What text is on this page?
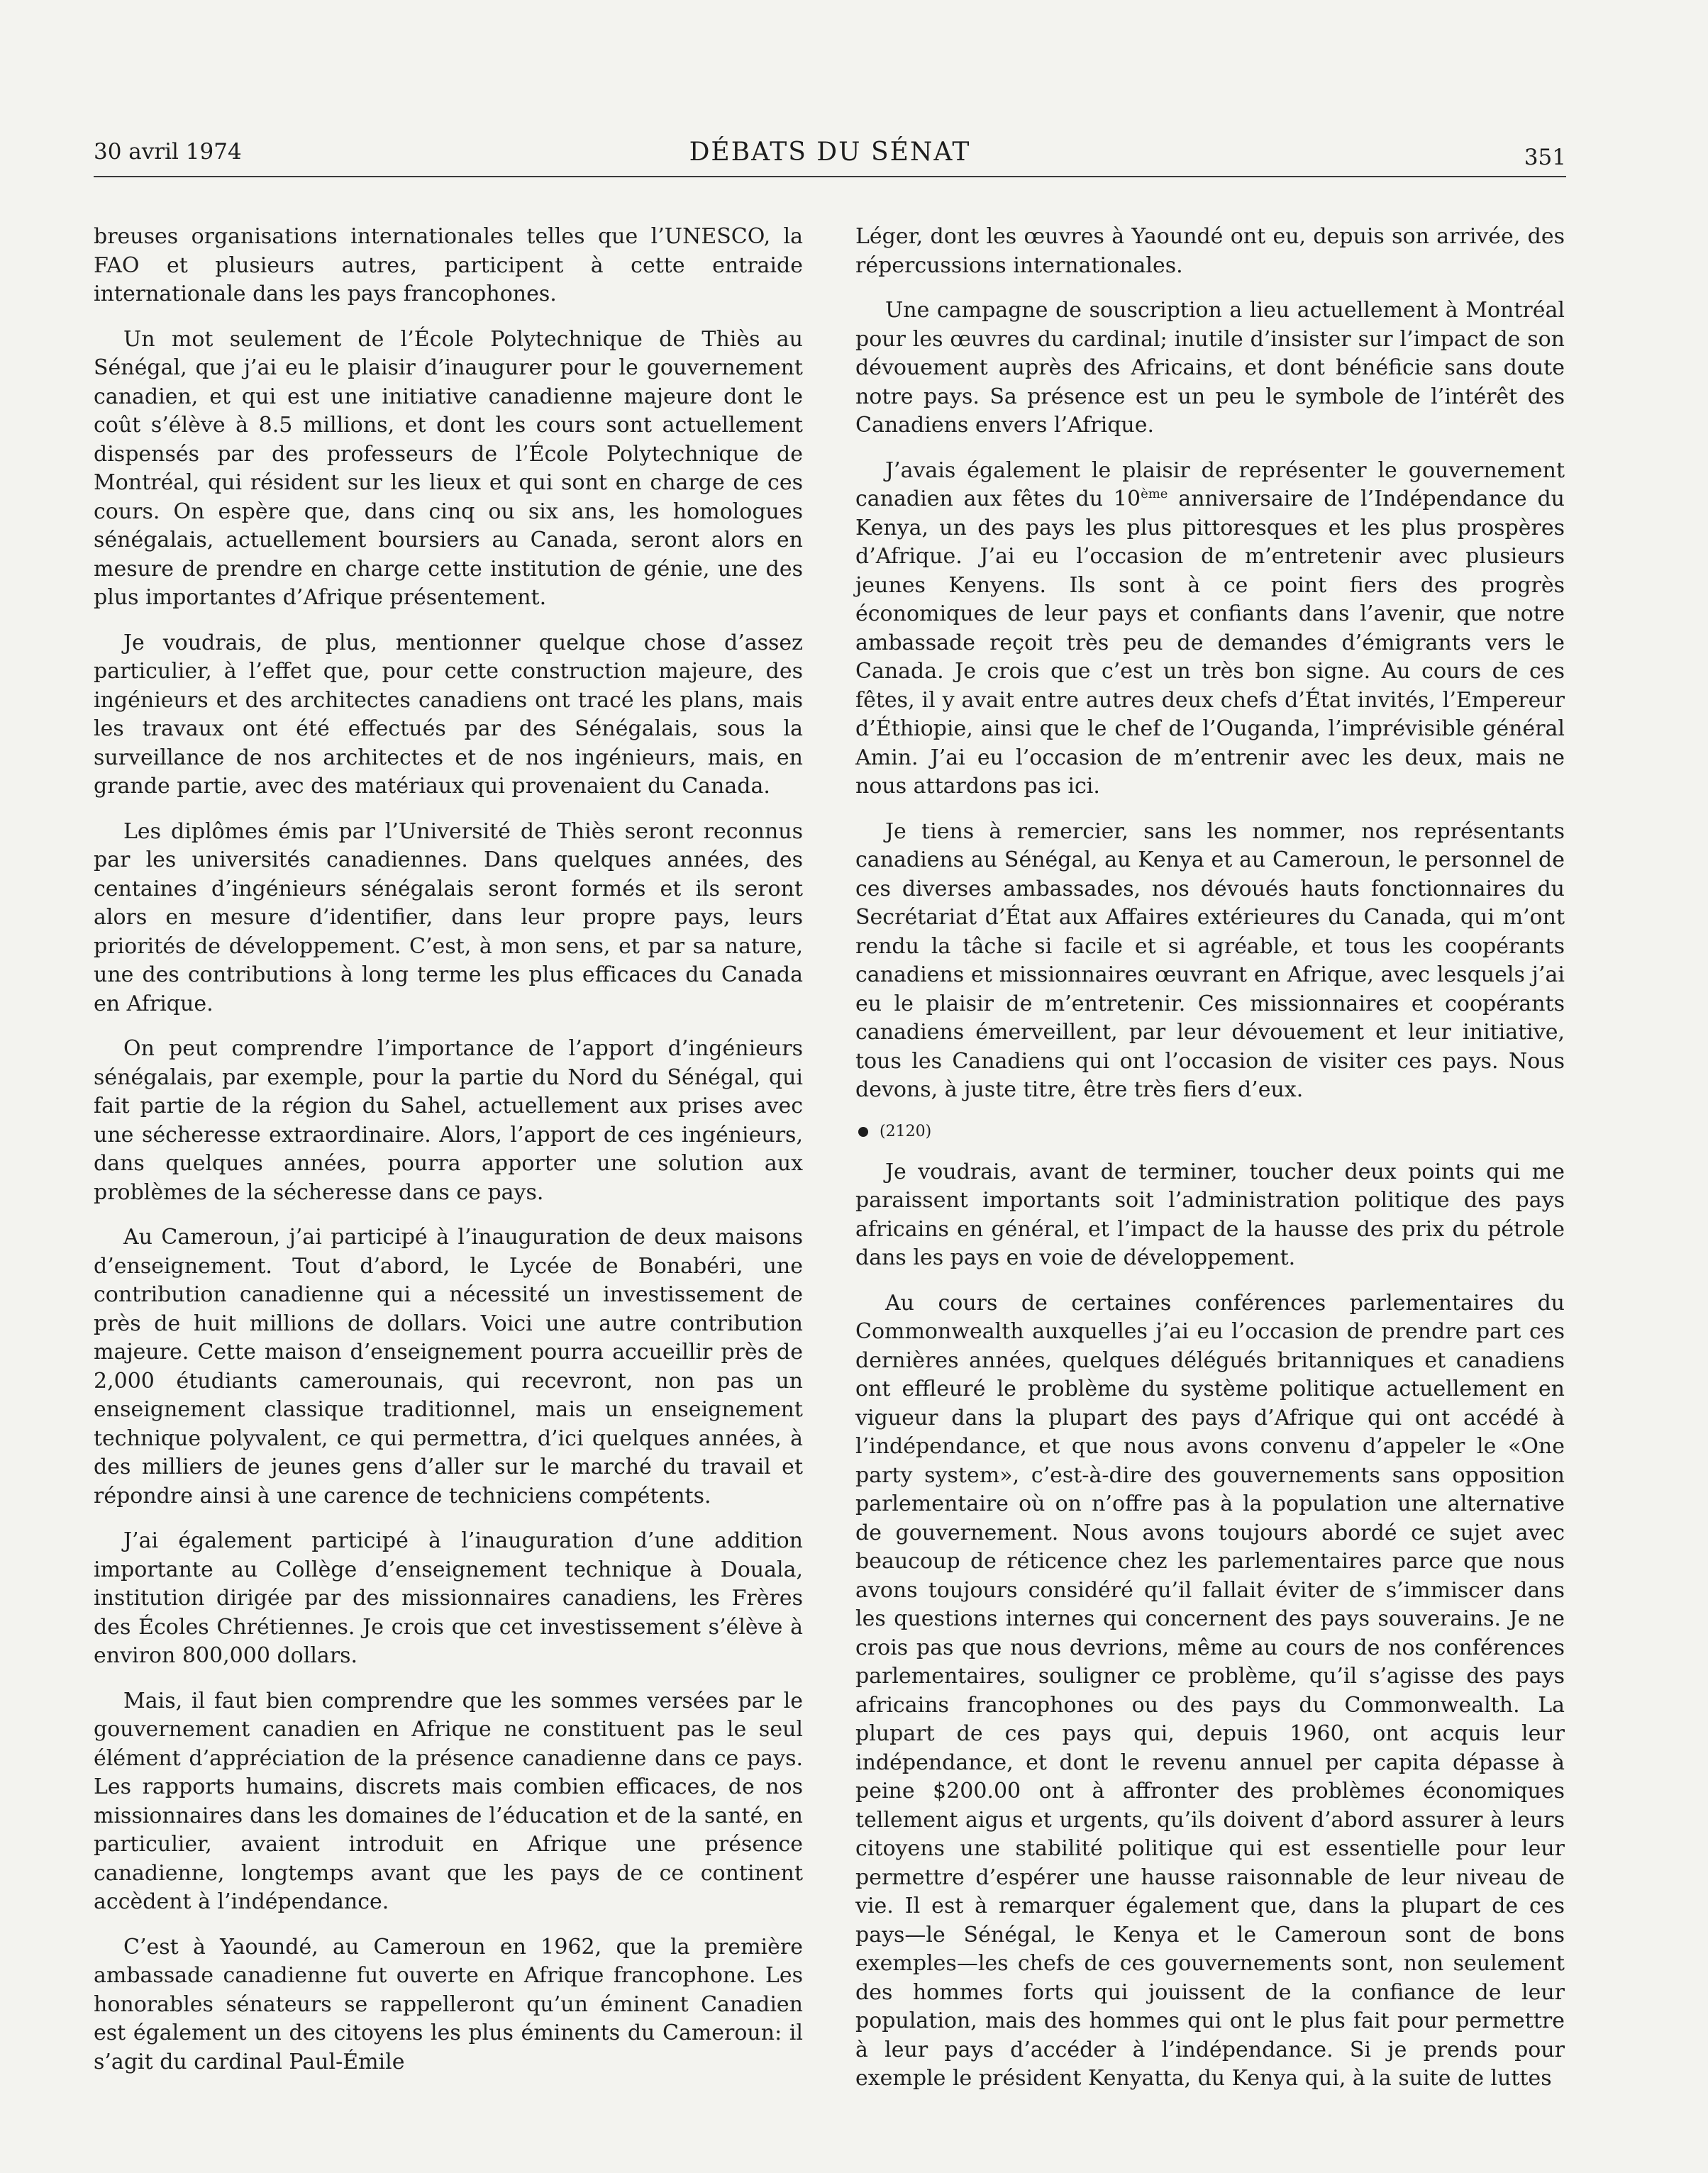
30 avril 1974	DÉBATS DU SÉNAT	351

breuses organisations internationales telles que l’UNESCO, la FAO et plusieurs autres, participent à cette entraide internationale dans les pays francophones.

Un mot seulement de l’École Polytechnique de Thiès au Sénégal, que j’ai eu le plaisir d’inaugurer pour le gouvernement canadien, et qui est une initiative canadienne majeure dont le coût s’élève à 8.5 millions, et dont les cours sont actuellement dispensés par des professeurs de l’École Polytechnique de Montréal, qui résident sur les lieux et qui sont en charge de ces cours. On espère que, dans cinq ou six ans, les homologues sénégalais, actuellement boursiers au Canada, seront alors en mesure de prendre en charge cette institution de génie, une des plus importantes d’Afrique présentement.

Je voudrais, de plus, mentionner quelque chose d’assez particulier, à l’effet que, pour cette construction majeure, des ingénieurs et des architectes canadiens ont tracé les plans, mais les travaux ont été effectués par des Sénégalais, sous la surveillance de nos architectes et de nos ingénieurs, mais, en grande partie, avec des matériaux qui provenaient du Canada.

Les diplômes émis par l’Université de Thiès seront reconnus par les universités canadiennes. Dans quelques années, des centaines d’ingénieurs sénégalais seront formés et ils seront alors en mesure d’identifier, dans leur propre pays, leurs priorités de développement. C’est, à mon sens, et par sa nature, une des contributions à long terme les plus efficaces du Canada en Afrique.

On peut comprendre l’importance de l’apport d’ingénieurs sénégalais, par exemple, pour la partie du Nord du Sénégal, qui fait partie de la région du Sahel, actuellement aux prises avec une sécheresse extraordinaire. Alors, l’apport de ces ingénieurs, dans quelques années, pourra apporter une solution aux problèmes de la sécheresse dans ce pays.

Au Cameroun, j’ai participé à l’inauguration de deux maisons d’enseignement. Tout d’abord, le Lycée de Bonabéri, une contribution canadienne qui a nécessité un investissement de près de huit millions de dollars. Voici une autre contribution majeure. Cette maison d’enseignement pourra accueillir près de 2,000 étudiants camerounais, qui recevront, non pas un enseignement classique traditionnel, mais un enseignement technique polyvalent, ce qui permettra, d’ici quelques années, à des milliers de jeunes gens d’aller sur le marché du travail et répondre ainsi à une carence de techniciens compétents.

J’ai également participé à l’inauguration d’une addition importante au Collège d’enseignement technique à Douala, institution dirigée par des missionnaires canadiens, les Frères des Écoles Chrétiennes. Je crois que cet investissement s’élève à environ 800,000 dollars.

Mais, il faut bien comprendre que les sommes versées par le gouvernement canadien en Afrique ne constituent pas le seul élément d’appréciation de la présence canadienne dans ce pays. Les rapports humains, discrets mais combien efficaces, de nos missionnaires dans les domaines de l’éducation et de la santé, en particulier, avaient introduit en Afrique une présence canadienne, longtemps avant que les pays de ce continent accèdent à l’indépendance.

C’est à Yaoundé, au Cameroun en 1962, que la première ambassade canadienne fut ouverte en Afrique francophone. Les honorables sénateurs se rappelleront qu’un éminent Canadien est également un des citoyens les plus éminents du Cameroun: il s’agit du cardinal Paul-Émile

Léger, dont les œuvres à Yaoundé ont eu, depuis son arrivée, des répercussions internationales.

Une campagne de souscription a lieu actuellement à Montréal pour les œuvres du cardinal; inutile d’insister sur l’impact de son dévouement auprès des Africains, et dont bénéficie sans doute notre pays. Sa présence est un peu le symbole de l’intérêt des Canadiens envers l’Afrique.

J’avais également le plaisir de représenter le gouvernement canadien aux fêtes du 10ème anniversaire de l’Indépendance du Kenya, un des pays les plus pittoresques et les plus prospères d’Afrique. J’ai eu l’occasion de m’entretenir avec plusieurs jeunes Kenyens. Ils sont à ce point fiers des progrès économiques de leur pays et confiants dans l’avenir, que notre ambassade reçoit très peu de demandes d’émigrants vers le Canada. Je crois que c’est un très bon signe. Au cours de ces fêtes, il y avait entre autres deux chefs d’État invités, l’Empereur d’Éthiopie, ainsi que le chef de l’Ouganda, l’imprévisible général Amin. J’ai eu l’occasion de m’entrenir avec les deux, mais ne nous attardons pas ici.

Je tiens à remercier, sans les nommer, nos représentants canadiens au Sénégal, au Kenya et au Cameroun, le personnel de ces diverses ambassades, nos dévoués hauts fonctionnaires du Secrétariat d’État aux Affaires extérieures du Canada, qui m’ont rendu la tâche si facile et si agréable, et tous les coopérants canadiens et missionnaires œuvrant en Afrique, avec lesquels j’ai eu le plaisir de m’entretenir. Ces missionnaires et coopérants canadiens émerveillent, par leur dévouement et leur initiative, tous les Canadiens qui ont l’occasion de visiter ces pays. Nous devons, à juste titre, être très fiers d’eux.

(2120)

Je voudrais, avant de terminer, toucher deux points qui me paraissent importants soit l’administration politique des pays africains en général, et l’impact de la hausse des prix du pétrole dans les pays en voie de développement.

Au cours de certaines conférences parlementaires du Commonwealth auxquelles j’ai eu l’occasion de prendre part ces dernières années, quelques délégués britanniques et canadiens ont effleuré le problème du système politique actuellement en vigueur dans la plupart des pays d’Afrique qui ont accédé à l’indépendance, et que nous avons convenu d’appeler le «One party system», c’est-à-dire des gouvernements sans opposition parlementaire où on n’offre pas à la population une alternative de gouvernement. Nous avons toujours abordé ce sujet avec beaucoup de réticence chez les parlementaires parce que nous avons toujours considéré qu’il fallait éviter de s’immiscer dans les questions internes qui concernent des pays souverains. Je ne crois pas que nous devrions, même au cours de nos conférences parlementaires, souligner ce problème, qu’il s’agisse des pays africains francophones ou des pays du Commonwealth. La plupart de ces pays qui, depuis 1960, ont acquis leur indépendance, et dont le revenu annuel per capita dépasse à peine $200.00 ont à affronter des problèmes économiques tellement aigus et urgents, qu’ils doivent d’abord assurer à leurs citoyens une stabilité politique qui est essentielle pour leur permettre d’espérer une hausse raisonnable de leur niveau de vie. Il est à remarquer également que, dans la plupart de ces pays—le Sénégal, le Kenya et le Cameroun sont de bons exemples—les chefs de ces gouvernements sont, non seulement des hommes forts qui jouissent de la confiance de leur population, mais des hommes qui ont le plus fait pour permettre à leur pays d’accéder à l’indépendance. Si je prends pour exemple le président Kenyatta, du Kenya qui, à la suite de luttes
